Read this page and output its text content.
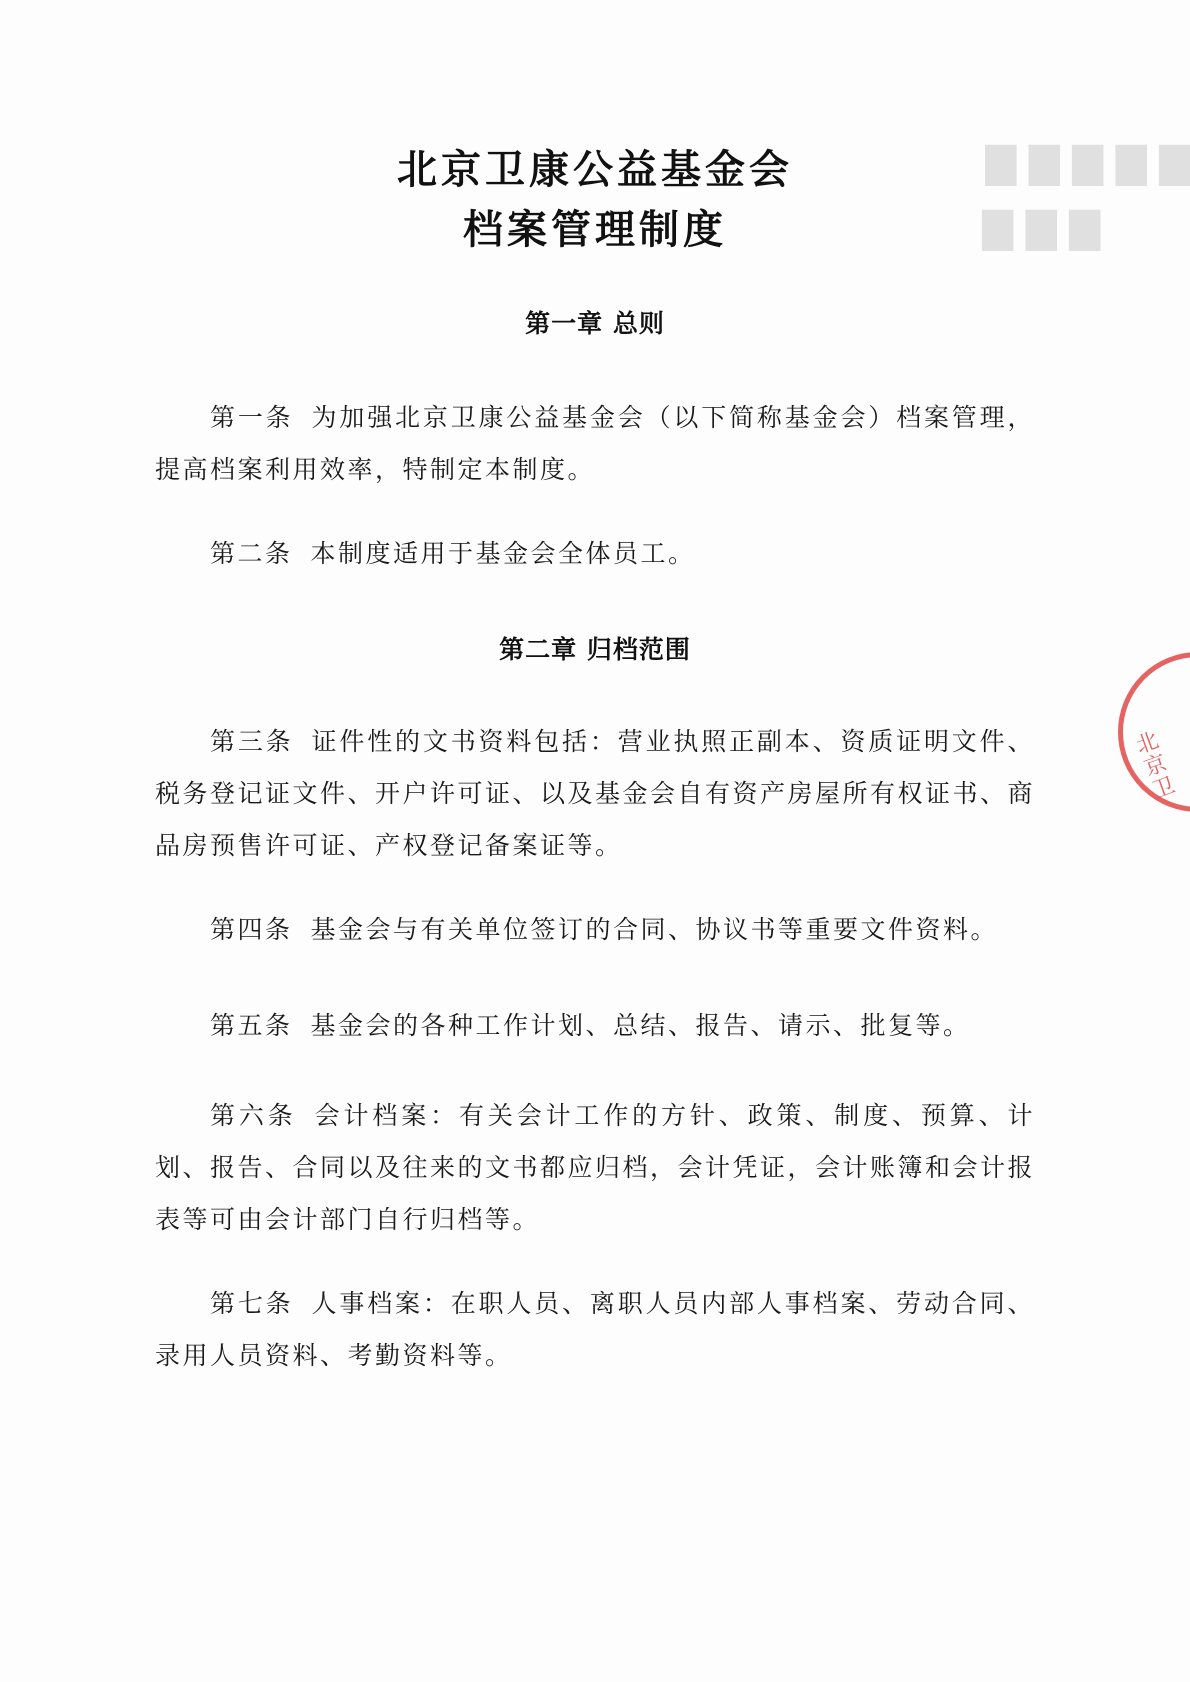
▇ ▇ ▇ ▇ ▇
▇ ▇ ▇
北京卫康公益基金会
档案管理制度
第一章 总则

第一条 为加强北京卫康公益基金会（以下简称基金会）档案管理，提高档案利用效率，特制定本制度。

第二条 本制度适用于基金会全体员工。

第二章 归档范围

第三条 证件性的文书资料包括：营业执照正副本、资质证明文件、税务登记证文件、开户许可证、以及基金会自有资产房屋所有权证书、商品房预售许可证、产权登记备案证等。

第四条 基金会与有关单位签订的合同、协议书等重要文件资料。

第五条 基金会的各种工作计划、总结、报告、请示、批复等。

第六条 会计档案：有关会计工作的方针、政策、制度、预算、计划、报告、合同以及往来的文书都应归档，会计凭证，会计账簿和会计报表等可由会计部门自行归档等。

第七条 人事档案：在职人员、离职人员内部人事档案、劳动合同、录用人员资料、考勤资料等。

北京卫
